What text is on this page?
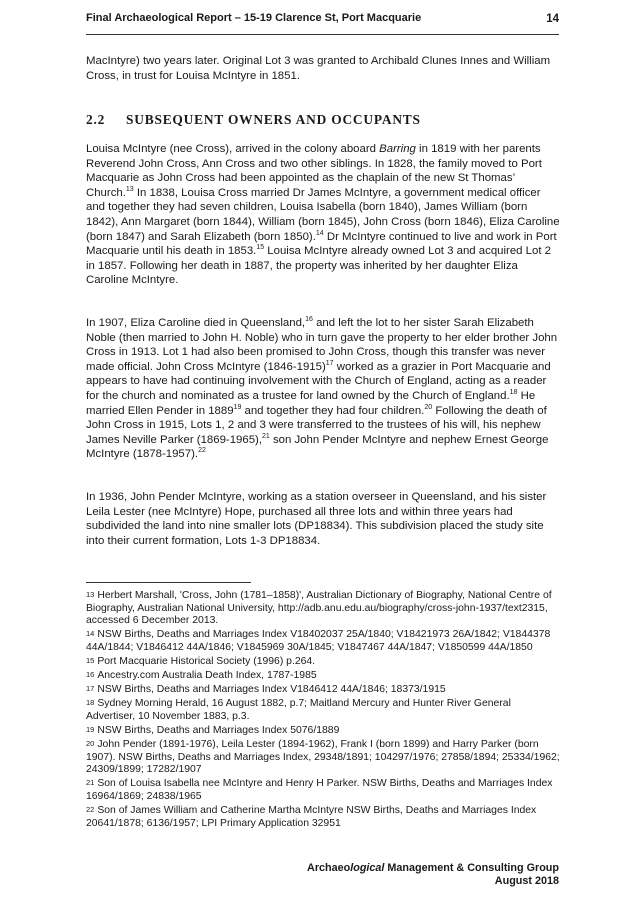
Final Archaeological Report – 15-19 Clarence St, Port Macquarie	14

MacIntyre) two years later. Original Lot 3 was granted to Archibald Clunes Innes and William Cross, in trust for Louisa McIntyre in 1851.

2.2 SUBSEQUENT OWNERS AND OCCUPANTS

Louisa McIntyre (nee Cross), arrived in the colony aboard Barring in 1819 with her parents Reverend John Cross, Ann Cross and two other siblings. In 1828, the family moved to Port Macquarie as John Cross had been appointed as the chaplain of the new St Thomas’ Church.$^{13}$ In 1838, Louisa Cross married Dr James McIntyre, a government medical officer and together they had seven children, Louisa Isabella (born 1840), James William (born 1842), Ann Margaret (born 1844), William (born 1845), John Cross (born 1846), Eliza Caroline (born 1847) and Sarah Elizabeth (born 1850).$^{14}$ Dr McIntyre continued to live and work in Port Macquarie until his death in 1853.15 Louisa McIntyre already owned Lot 3 and acquired Lot 2 in 1857. Following her death in 1887, the property was inherited by her daughter Eliza Caroline McIntyre.

In 1907, Eliza Caroline died in Queensland,$^{16}$ and left the lot to her sister Sarah Elizabeth Noble (then married to John H. Noble) who in turn gave the property to her elder brother John Cross in 1913. Lot 1 had also been promised to John Cross, though this transfer was never made official. John Cross McIntyre (1846-1915)$^{17}$ worked as a grazier in Port Macquarie and appears to have had continuing involvement with the Church of England, acting as a reader for the church and nominated as a trustee for land owned by the Church of England.$^{18}$ He married Ellen Pender in 1889$^{19}$ and together they had four children.$^{20}$ Following the death of John Cross in 1915, Lots 1, 2 and 3 were transferred to the trustees of his will, his nephew James Neville Parker (1869-1965),$^{21}$ son John Pender McIntyre and nephew Ernest George McIntyre (1878-1957).$^{22}$

In 1936, John Pender McIntyre, working as a station overseer in Queensland, and his sister Leila Lester (nee McIntyre) Hope, purchased all three lots and within three years had subdivided the land into nine smaller lots (DP18834). This subdivision placed the study site into their current formation, Lots 1-3 DP18834.

$^{13}$ Herbert Marshall, 'Cross, John (1781–1858)', Australian Dictionary of Biography, National Centre of Biography, Australian National University, http://adb.anu.edu.au/biography/cross-john-1937/text2315, accessed 6 December 2013.

$^{14}$ NSW Births, Deaths and Marriages Index V18402037 25A/1840; V18421973 26A/1842; V1844378 44A/1844; V1846412 44A/1846; V1845969 30A/1845; V1847467 44A/1847; V1850599 44A/1850

$^{15}$ Port Macquarie Historical Society (1996) p.264.

$^{16}$ Ancestry.com Australia Death Index, 1787-1985

$^{17}$ NSW Births, Deaths and Marriages Index V1846412 44A/1846; 18373/1915

$^{18}$ Sydney Morning Herald, 16 August 1882, p.7; Maitland Mercury and Hunter River General Advertiser, 10 November 1883, p.3.

$^{19}$ NSW Births, Deaths and Marriages Index 5076/1889

$^{20}$ John Pender (1891-1976), Leila Lester (1894-1962), Frank I (born 1899) and Harry Parker (born 1907). NSW Births, Deaths and Marriages Index, 29348/1891; 104297/1976; 27858/1894; 25334/1962; 24309/1899; 17282/1907

$^{21}$ Son of Louisa Isabella nee McIntyre and Henry H Parker. NSW Births, Deaths and Marriages Index 16964/1869; 24838/1965

$^{22}$ Son of James William and Catherine Martha McIntyre NSW Births, Deaths and Marriages Index 20641/1878; 6136/1957; LPI Primary Application 32951

Archaeological Management & Consulting Group
August 2018
